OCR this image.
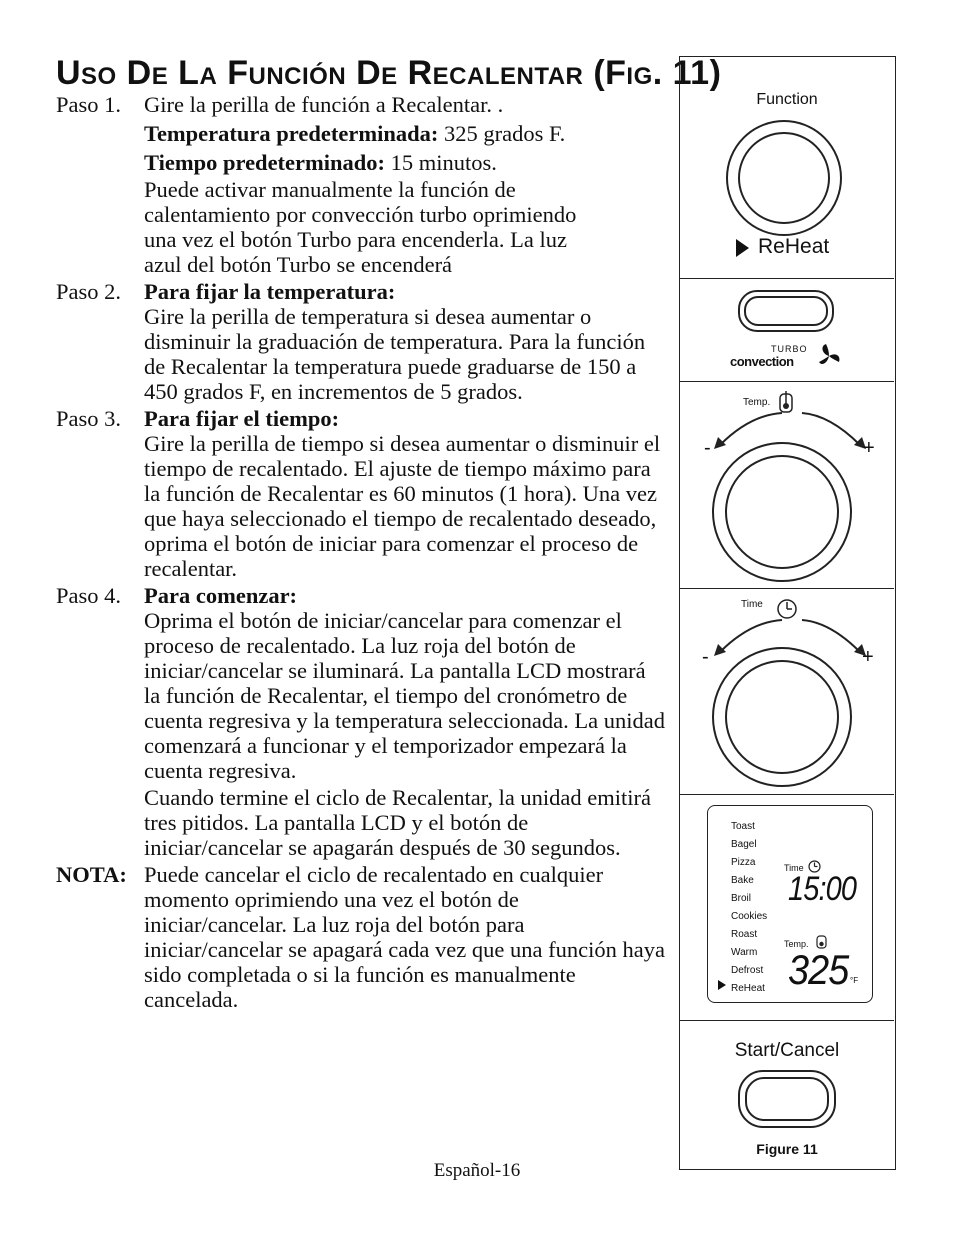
Uso De La Función De Recalentar (Fig. 11)
Paso 1.	Gire la perilla de función a Recalentar. .

Temperatura predeterminada: 325 grados F.

Tiempo predeterminado: 15 minutos.

Puede activar manualmente la función de calentamiento por convección turbo oprimiendo una vez el botón Turbo para encenderla. La luz azul del botón Turbo se encenderá

Paso 2.	Para fijar la temperatura:

Gire la perilla de temperatura si desea aumentar o disminuir la graduación de temperatura. Para la función de Recalentar la temperatura puede graduarse de 150 a 450 grados F, en incrementos de 5 grados.

Paso 3.	Para fijar el tiempo:

Gire la perilla de tiempo si desea aumentar o disminuir el tiempo de recalentado. El ajuste de tiempo máximo para la función de Recalentar es 60 minutos (1 hora). Una vez que haya seleccionado el tiempo de recalentado deseado, oprima el botón de iniciar para comenzar el proceso de recalentar.

Paso 4.	Para comenzar:

Oprima el botón de iniciar/cancelar para comenzar el proceso de recalentado. La luz roja del botón de iniciar/cancelar se iluminará. La pantalla LCD mostrará la función de Recalentar, el tiempo del cronómetro de cuenta regresiva y la temperatura seleccionada. La unidad comenzará a funcionar y el temporizador empezará la cuenta regresiva.

Cuando termine el ciclo de Recalentar, la unidad emitirá tres pitidos. La pantalla LCD y el botón de iniciar/cancelar se apagarán después de 30 segundos.

NOTA: Puede cancelar el ciclo de recalentado en cualquier momento oprimiendo una vez el botón de iniciar/cancelar. La luz roja del botón para iniciar/cancelar se apagará cada vez que una función haya sido completada o si la función es manualmente cancelada.

Español-16
Function
ReHeat
TURBO
convection
Temp.
-	+
Time
-	+
Toast
Bagel
Pizza
Bake
Broil
Cookies
Roast
Warm
Defrost
ReHeat
Time
15:00
Temp.
325 °F
Start/Cancel
Figure 11
